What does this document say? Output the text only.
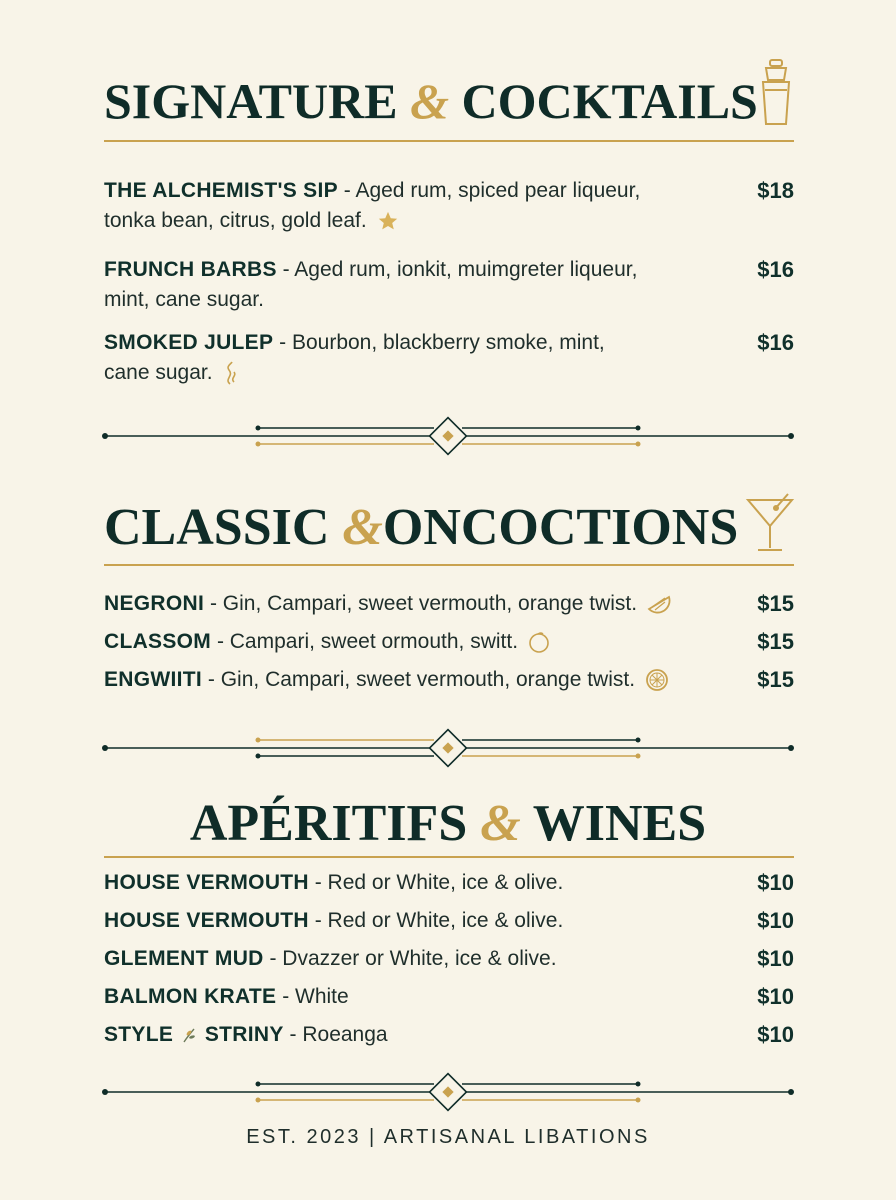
SIGNATURE & COCKTAILS
THE ALCHEMIST'S SIP - Aged rum, spiced pear liqueur,
tonka bean, citrus, gold leaf.
$18
FRUNCH BARBS - Aged rum, ionkit, muimgreter liqueur,
mint, cane sugar.
$16
SMOKED JULEP - Bourbon, blackberry smoke, mint,
cane sugar.
$16
CLASSIC &ONCOCTIONS
NEGRONI - Gin, Campari, sweet vermouth, orange twist.	$15
CLASSOM - Campari, sweet ormouth, switt.	$15
ENGWIITI - Gin, Campari, sweet vermouth, orange twist.	$15
APÉRITIFS & WINES
HOUSE VERMOUTH - Red or White, ice & olive.	$10
HOUSE VERMOUTH - Red or White, ice & olive.	$10
GLEMENT MUD - Dvazzer or White, ice & olive.	$10
BALMON KRATE - White	$10
STYLE STRINY - Roeanga	$10
EST. 2023 | ARTISANAL LIBATIONS
